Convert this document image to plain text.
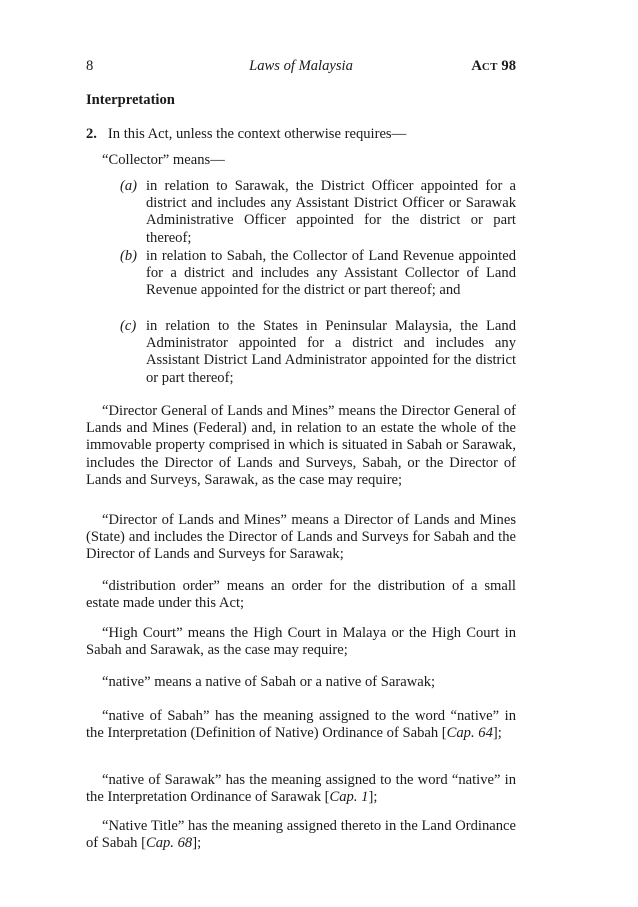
8	Laws of Malaysia	ACT 98
Interpretation

2. In this Act, unless the context otherwise requires—

“Collector” means—

(a) in relation to Sarawak, the District Officer appointed for a district and includes any Assistant District Officer or Sarawak Administrative Officer appointed for the district or part thereof;

(b) in relation to Sabah, the Collector of Land Revenue appointed for a district and includes any Assistant Collector of Land Revenue appointed for the district or part thereof; and

(c) in relation to the States in Peninsular Malaysia, the Land Administrator appointed for a district and includes any Assistant District Land Administrator appointed for the district or part thereof;

“Director General of Lands and Mines” means the Director General of Lands and Mines (Federal) and, in relation to an estate the whole of the immovable property comprised in which is situated in Sabah or Sarawak, includes the Director of Lands and Surveys, Sabah, or the Director of Lands and Surveys, Sarawak, as the case may require;

“Director of Lands and Mines” means a Director of Lands and Mines (State) and includes the Director of Lands and Surveys for Sabah and the Director of Lands and Surveys for Sarawak;

“distribution order” means an order for the distribution of a small estate made under this Act;

“High Court” means the High Court in Malaya or the High Court in Sabah and Sarawak, as the case may require;

“native” means a native of Sabah or a native of Sarawak;

“native of Sabah” has the meaning assigned to the word “native” in the Interpretation (Definition of Native) Ordinance of Sabah [Cap. 64];

“native of Sarawak” has the meaning assigned to the word “native” in the Interpretation Ordinance of Sarawak [Cap. 1];

“Native Title” has the meaning assigned thereto in the Land Ordinance of Sabah [Cap. 68];
